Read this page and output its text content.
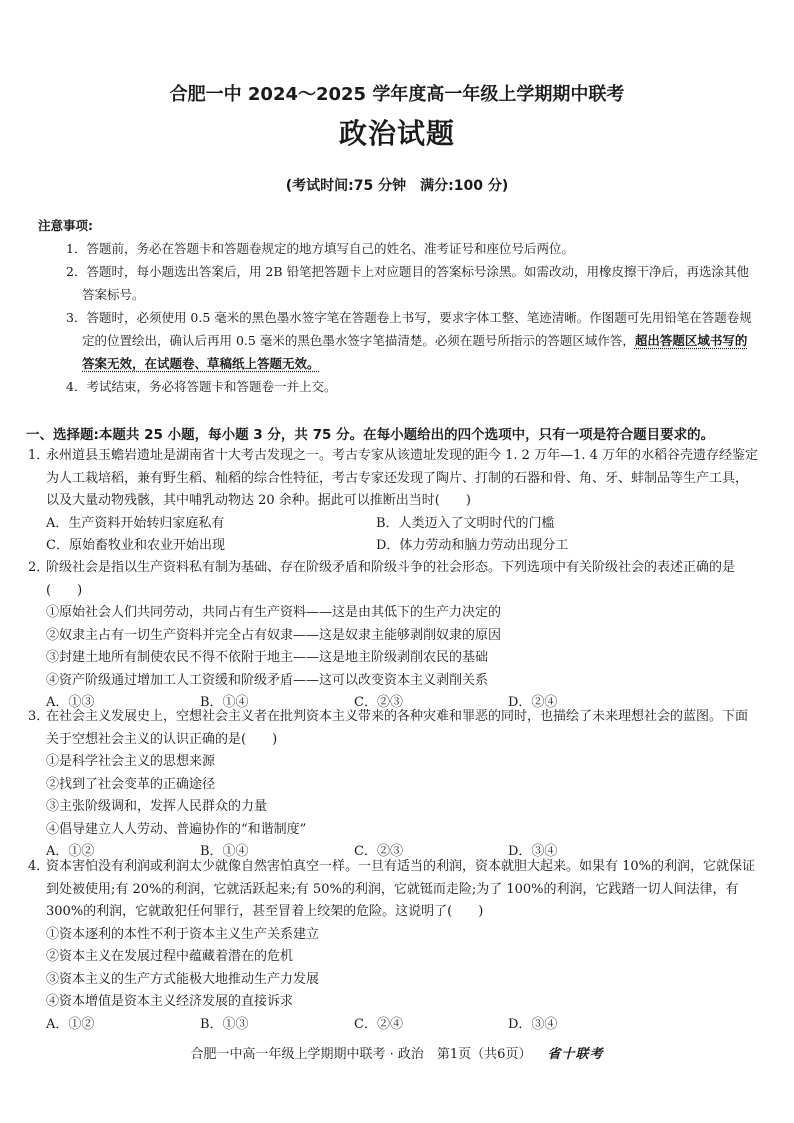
合肥一中 2024～2025 学年度高一年级上学期期中联考
政治试题
(考试时间:75 分钟　满分:100 分)
注意事项:
1．答题前，务必在答题卡和答题卷规定的地方填写自己的姓名、准考证号和座位号后两位。
2．答题时，每小题选出答案后，用 2B 铅笔把答题卡上对应题目的答案标号涂黑。如需改动，用橡皮擦干净后，再选涂其他答案标号。
3．答题时，必须使用 0.5 毫米的黑色墨水签字笔在答题卷上书写，要求字体工整、笔迹清晰。作图题可先用铅笔在答题卷规定的位置绘出，确认后再用 0.5 毫米的黑色墨水签字笔描清楚。必须在题号所指示的答题区域作答，超出答题区域书写的答案无效，在试题卷、草稿纸上答题无效。
4．考试结束，务必将答题卡和答题卷一并上交。
一、选择题:本题共 25 小题，每小题 3 分，共 75 分。在每小题给出的四个选项中，只有一项是符合题目要求的。
1．
永州道县玉蟾岩遗址是湖南省十大考古发现之一。考古专家从该遗址发现的距今 1. 2 万年—1. 4 万年的水稻谷壳遗存经鉴定为人工栽培稻，兼有野生稻、籼稻的综合性特征，考古专家还发现了陶片、打制的石器和骨、角、牙、蚌制品等生产工具，以及大量动物残骸，其中哺乳动物达 20 余种。据此可以推断出当时(　　)
A．生产资料开始转归家庭私有	B．人类迈入了文明时代的门槛
C．原始畜牧业和农业开始出现	D．体力劳动和脑力劳动出现分工
2．
阶级社会是指以生产资料私有制为基础、存在阶级矛盾和阶级斗争的社会形态。下列选项中有关阶级社会的表述正确的是(　　)
①原始社会人们共同劳动，共同占有生产资料——这是由其低下的生产力决定的
②奴隶主占有一切生产资料并完全占有奴隶——这是奴隶主能够剥削奴隶的原因
③封建土地所有制使农民不得不依附于地主——这是地主阶级剥削农民的基础
④资产阶级通过增加工人工资缓和阶级矛盾——这可以改变资本主义剥削关系
A．①③	B．①④	C．②③	D．②④
3．
在社会主义发展史上，空想社会主义者在批判资本主义带来的各种灾难和罪恶的同时，也描绘了未来理想社会的蓝图。下面关于空想社会主义的认识正确的是(　　)
①是科学社会主义的思想来源
②找到了社会变革的正确途径
③主张阶级调和，发挥人民群众的力量
④倡导建立人人劳动、普遍协作的“和谐制度”
A．①②	B．①④	C．②③	D．③④
4．
资本害怕没有利润或利润太少就像自然害怕真空一样。一旦有适当的利润，资本就胆大起来。如果有 10%的利润，它就保证到处被使用;有 20%的利润，它就活跃起来;有 50%的利润，它就铤而走险;为了 100%的利润，它践踏一切人间法律，有 300%的利润，它就敢犯任何罪行，甚至冒着上绞架的危险。这说明了(　　)
①资本逐利的本性不利于资本主义生产关系建立
②资本主义在发展过程中蕴藏着潜在的危机
③资本主义的生产方式能极大地推动生产力发展
④资本增值是资本主义经济发展的直接诉求
A．①②	B．①③	C．②④	D．③④
合肥一中高一年级上学期期中联考 · 政治　第1页（共6页） 省十联考
